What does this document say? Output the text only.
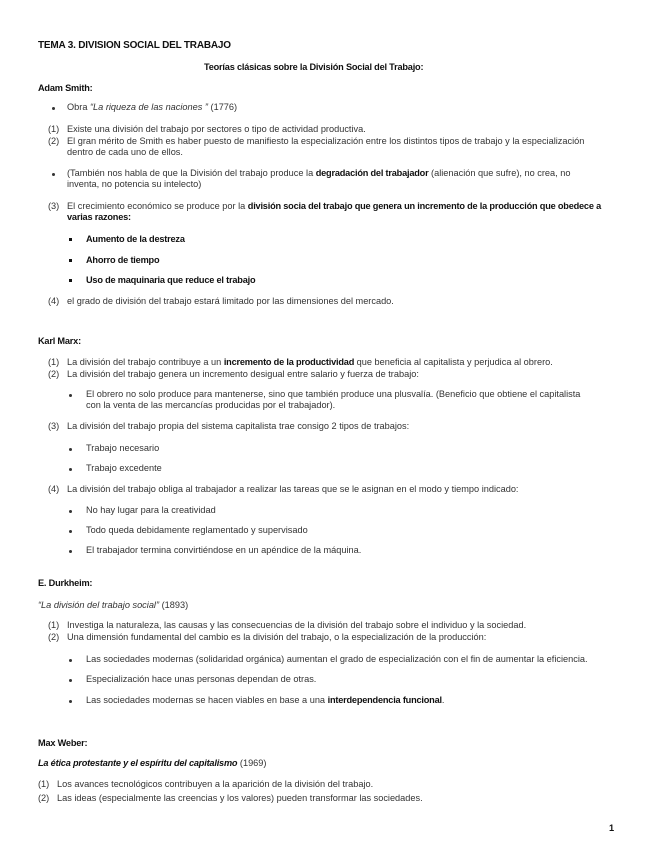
TEMA 3. DIVISION SOCIAL DEL TRABAJO
Teorías clásicas sobre la División Social del Trabajo:
Adam Smith:
Obra “La riqueza de las naciones ” (1776)
(1) Existe una división del trabajo por sectores o tipo de actividad productiva.
(2) El gran mérito de Smith es haber puesto de manifiesto la especialización entre los distintos tipos de trabajo y la especialización
dentro de cada uno de ellos.
(También nos habla de que la División del trabajo produce la degradación del trabajador (alienación que sufre), no crea, no
inventa, no potencia su intelecto)
(3) El crecimiento económico se produce por la división socia del trabajo que genera un incremento de la producción que obedece a
varias razones:
Aumento de la destreza
Ahorro de tiempo
Uso de maquinaria que reduce el trabajo
(4) el grado de división del trabajo estará limitado por las dimensiones del mercado.
Karl Marx:
(1) La división del trabajo contribuye a un incremento de la productividad que beneficia al capitalista y perjudica al obrero.
(2) La división del trabajo genera un incremento desigual entre salario y fuerza de trabajo:
El obrero no solo produce para mantenerse, sino que también produce una plusvalía. (Beneficio que obtiene el capitalista
con la venta de las mercancías producidas por el trabajador).
(3) La división del trabajo propia del sistema capitalista trae consigo 2 tipos de trabajos:
Trabajo necesario
Trabajo excedente
(4) La división del trabajo obliga al trabajador a realizar las tareas que se le asignan en el modo y tiempo indicado:
No hay lugar para la creatividad
Todo queda debidamente reglamentado y supervisado
El trabajador termina convirtiéndose en un apéndice de la máquina.
E. Durkheim:
“La división del trabajo social” (1893)
(1) Investiga la naturaleza, las causas y las consecuencias de la división del trabajo sobre el individuo y la sociedad.
(2) Una dimensión fundamental del cambio es la división del trabajo, o la especialización de la producción:
Las sociedades modernas (solidaridad orgánica) aumentan el grado de especialización con el fin de aumentar la eficiencia.
Especialización hace unas personas dependan de otras.
Las sociedades modernas se hacen viables en base a una interdependencia funcional.
Max Weber:
La ética protestante y el espíritu del capitalismo (1969)
(1) Los avances tecnológicos contribuyen a la aparición de la división del trabajo.
(2) Las ideas (especialmente las creencias y los valores) pueden transformar las sociedades.
1
